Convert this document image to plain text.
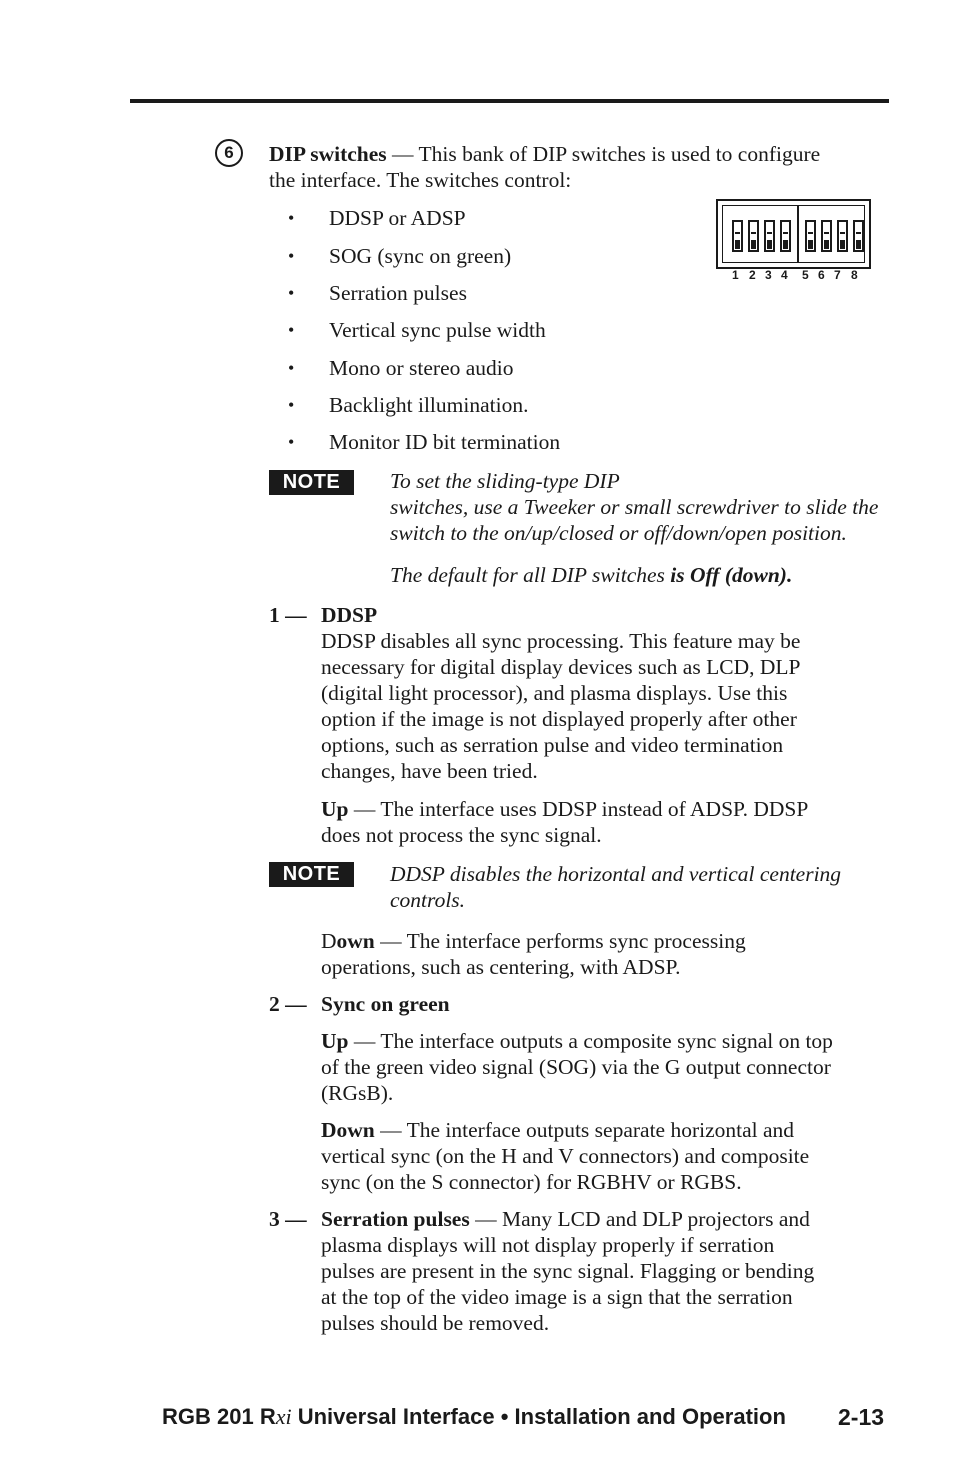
6	DIP switches — This bank of DIP switches is used to configure
the interface. The switches control:
• DDSP or ADSP
• SOG (sync on green)
• Serration pulses
• Vertical sync pulse width
• Mono or stereo audio
• Backlight illumination.
• Monitor ID bit termination
1 2 3 4 5 6 7 8
NOTE	To set the sliding-type DIP
switches, use a Tweeker or small screwdriver to slide the
switch to the on/up/closed or off/down/open position.
The default for all DIP switches is Off (down).
1 — DDSP
DDSP disables all sync processing. This feature may be
necessary for digital display devices such as LCD, DLP
(digital light processor), and plasma displays. Use this
option if the image is not displayed properly after other
options, such as serration pulse and video termination
changes, have been tried.
Up — The interface uses DDSP instead of ADSP. DDSP
does not process the sync signal.
NOTE	DDSP disables the horizontal and vertical centering
controls.
Down — The interface performs sync processing
operations, such as centering, with ADSP.
2 — Sync on green
Up — The interface outputs a composite sync signal on top
of the green video signal (SOG) via the G output connector
(RGsB).
Down — The interface outputs separate horizontal and
vertical sync (on the H and V connectors) and composite
sync (on the S connector) for RGBHV or RGBS.
3 — Serration pulses — Many LCD and DLP projectors and
plasma displays will not display properly if serration
pulses are present in the sync signal. Flagging or bending
at the top of the video image is a sign that the serration
pulses should be removed.
RGB 201 Rxi Universal Interface • Installation and Operation 2-13
